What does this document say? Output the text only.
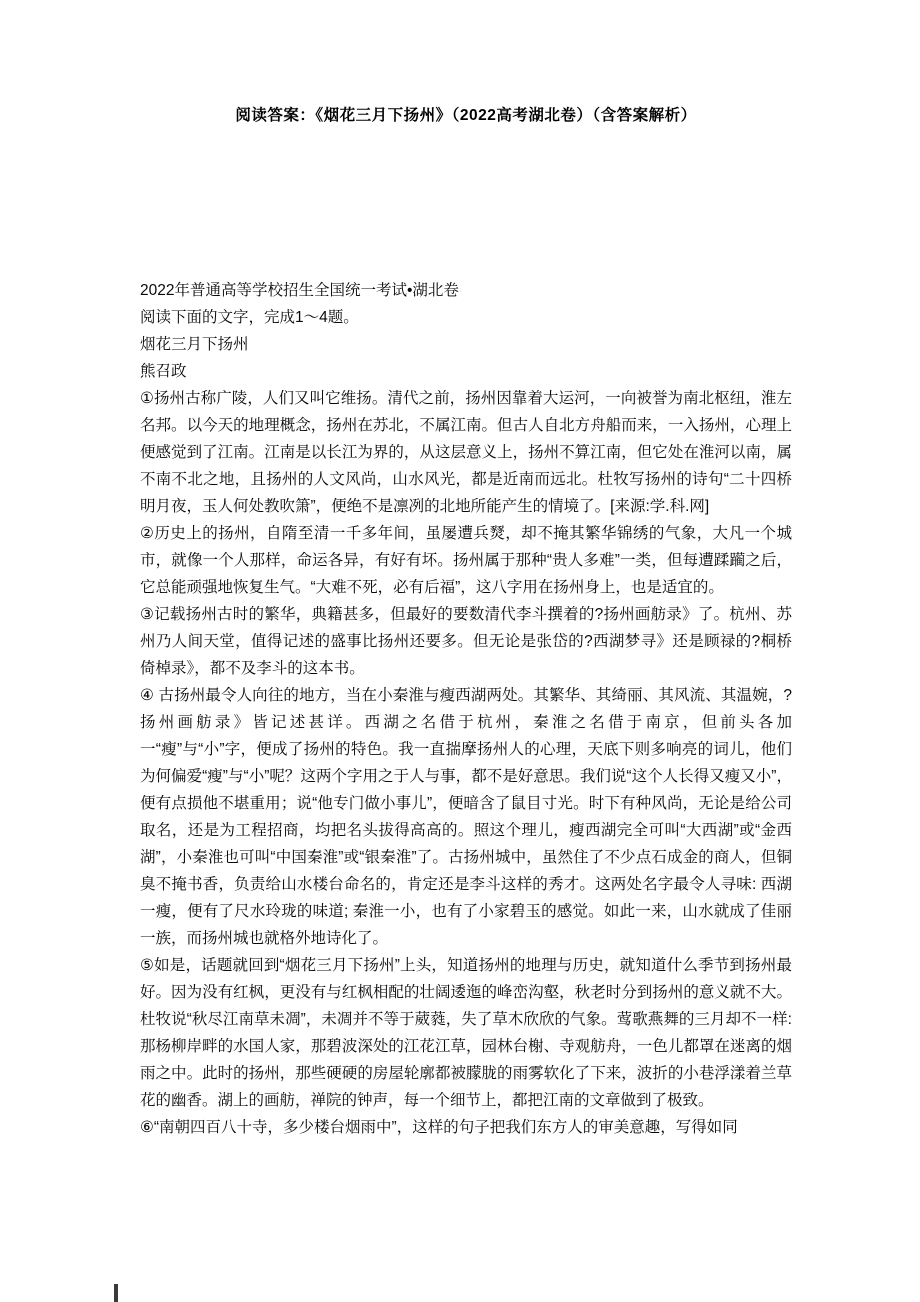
阅读答案：《烟花三月下扬州》（2022高考湖北卷）（含答案解析）

2022年普通高等学校招生全国统一考试•湖北卷

阅读下面的文字，完成1～4题。

烟花三月下扬州

熊召政

①扬州古称广陵，人们又叫它维扬。清代之前，扬州因靠着大运河，一向被誉为南北枢纽，淮左名邦。以今天的地理概念，扬州在苏北，不属江南。但古人自北方舟船而来，一入扬州，心理上便感觉到了江南。江南是以长江为界的，从这层意义上，扬州不算江南，但它处在淮河以南，属不南不北之地，且扬州的人文风尚，山水风光，都是近南而远北。杜牧写扬州的诗句“二十四桥明月夜，玉人何处教吹箫”，便绝不是凛冽的北地所能产生的情境了。[来源:学.科.网]

②历史上的扬州，自隋至清一千多年间，虽屡遭兵燹，却不掩其繁华锦绣的气象，大凡一个城市，就像一个人那样，命运各异，有好有坏。扬州属于那种“贵人多难”一类，但每遭蹂躏之后，它总能顽强地恢复生气。“大难不死，必有后福”，这八字用在扬州身上，也是适宜的。

③记载扬州古时的繁华，典籍甚多，但最好的要数清代李斗撰着的?扬州画舫录》了。杭州、苏州乃人间天堂，值得记述的盛事比扬州还要多。但无论是张岱的?西湖梦寻》还是顾禄的?桐桥倚棹录》，都不及李斗的这本书。

④ 古扬州最令人向往的地方，当在小秦淮与瘦西湖两处。其繁华、其绮丽、其风流、其温婉，?扬州画舫录》皆记述甚详。西湖之名借于杭州，秦淮之名借于南京，但前头各加一“瘦”与“小”字，便成了扬州的特色。我一直揣摩扬州人的心理，天底下则多响亮的词儿，他们为何偏爱“瘦”与“小”呢？这两个字用之于人与事，都不是好意思。我们说“这个人长得又瘦又小”，便有点损他不堪重用；说“他专门做小事儿”，便暗含了鼠目寸光。时下有种风尚，无论是给公司取名，还是为工程招商，均把名头拔得高高的。照这个理儿，瘦西湖完全可叫“大西湖”或“金西湖”，小秦淮也可叫“中国秦淮”或“银秦淮”了。古扬州城中，虽然住了不少点石成金的商人，但铜臭不掩书香，负责给山水楼台命名的，肯定还是李斗这样的秀才。这两处名字最令人寻味: 西湖一瘦，便有了尺水玲珑的味道; 秦淮一小，也有了小家碧玉的感觉。如此一来，山水就成了佳丽一族，而扬州城也就格外地诗化了。

⑤如是，话题就回到“烟花三月下扬州”上头，知道扬州的地理与历史，就知道什么季节到扬州最好。因为没有红枫，更没有与红枫相配的壮阔逶迤的峰峦沟壑，秋老时分到扬州的意义就不大。杜牧说“秋尽江南草未凋”，未凋并不等于葳蕤，失了草木欣欣的气象。莺歌燕舞的三月却不一样: 那杨柳岸畔的水国人家，那碧波深处的江花江草，园林台榭、寺观舫舟，一色儿都罩在迷离的烟雨之中。此时的扬州，那些硬硬的房屋轮廓都被朦胧的雨雾软化了下来，波折的小巷浮漾着兰草花的幽香。湖上的画舫，禅院的钟声，每一个细节上，都把江南的文章做到了极致。

⑥“南朝四百八十寺，多少楼台烟雨中”，这样的句子把我们东方人的审美意趣，写得如同
